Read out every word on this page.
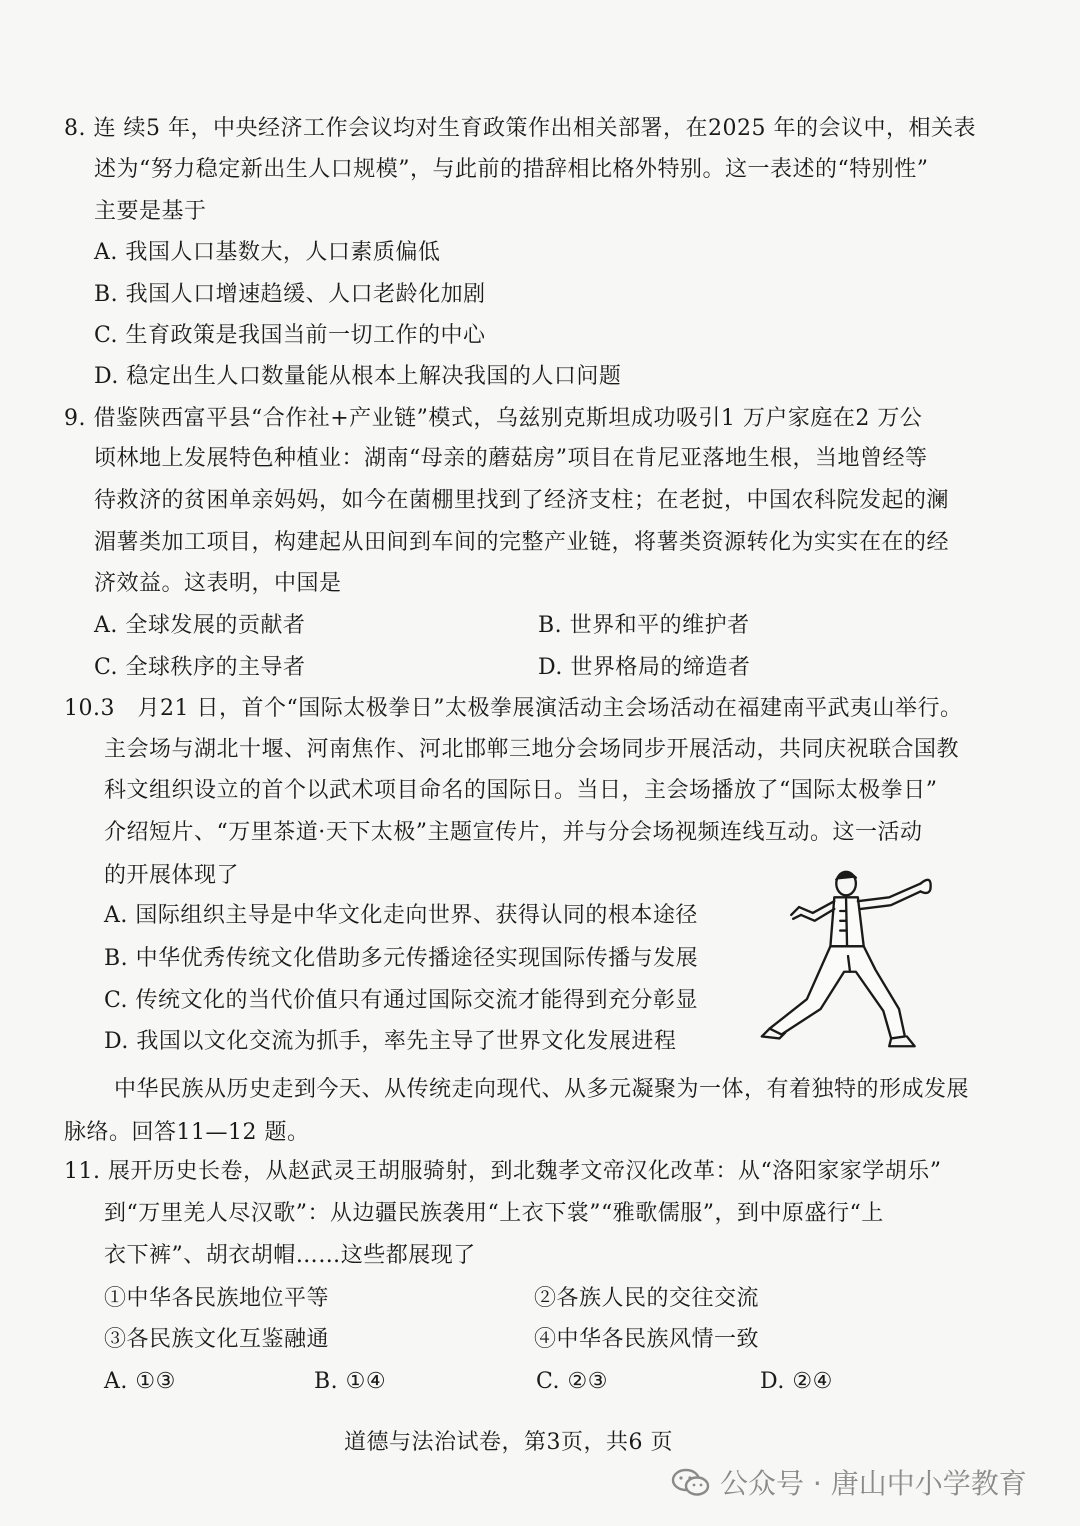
8. 连 续5 年，中央经济工作会议均对生育政策作出相关部署，在2025 年的会议中，相关表
述为“努力稳定新出生人口规模”，与此前的措辞相比格外特别。这一表述的“特别性”
主要是基于
A. 我国人口基数大，人口素质偏低
B. 我国人口增速趋缓、人口老龄化加剧
C. 生育政策是我国当前一切工作的中心
D. 稳定出生人口数量能从根本上解决我国的人口问题
9. 借鉴陕西富平县“合作社+产业链”模式，乌兹别克斯坦成功吸引1 万户家庭在2 万公
顷林地上发展特色种植业：湖南“母亲的蘑菇房”项目在肯尼亚落地生根，当地曾经等
待救济的贫困单亲妈妈，如今在菌棚里找到了经济支柱；在老挝，中国农科院发起的澜
湄薯类加工项目，构建起从田间到车间的完整产业链，将薯类资源转化为实实在在的经
济效益。这表明，中国是
A. 全球发展的贡献者	B. 世界和平的维护者
C. 全球秩序的主导者	D. 世界格局的缔造者
10.3　月21 日，首个“国际太极拳日”太极拳展演活动主会场活动在福建南平武夷山举行。
主会场与湖北十堰、河南焦作、河北邯郸三地分会场同步开展活动，共同庆祝联合国教
科文组织设立的首个以武术项目命名的国际日。当日，主会场播放了“国际太极拳日”
介绍短片、“万里茶道·天下太极”主题宣传片，并与分会场视频连线互动。这一活动
的开展体现了
A. 国际组织主导是中华文化走向世界、获得认同的根本途径
B. 中华优秀传统文化借助多元传播途径实现国际传播与发展
C. 传统文化的当代价值只有通过国际交流才能得到充分彰显
D. 我国以文化交流为抓手，率先主导了世界文化发展进程
中华民族从历史走到今天、从传统走向现代、从多元凝聚为一体，有着独特的形成发展
脉络。回答11—12 题。
11. 展开历史长卷，从赵武灵王胡服骑射，到北魏孝文帝汉化改革：从“洛阳家家学胡乐”
到“万里羌人尽汉歌”：从边疆民族袭用“上衣下裳”“雅歌儒服”，到中原盛行“上
衣下裤”、胡衣胡帽……这些都展现了
①中华各民族地位平等	②各族人民的交往交流
③各民族文化互鉴融通	④中华各民族风情一致
A. ①③	B. ①④	C. ②③	D. ②④
道德与法治试卷，第3页，共6 页
公众号 · 唐山中小学教育
